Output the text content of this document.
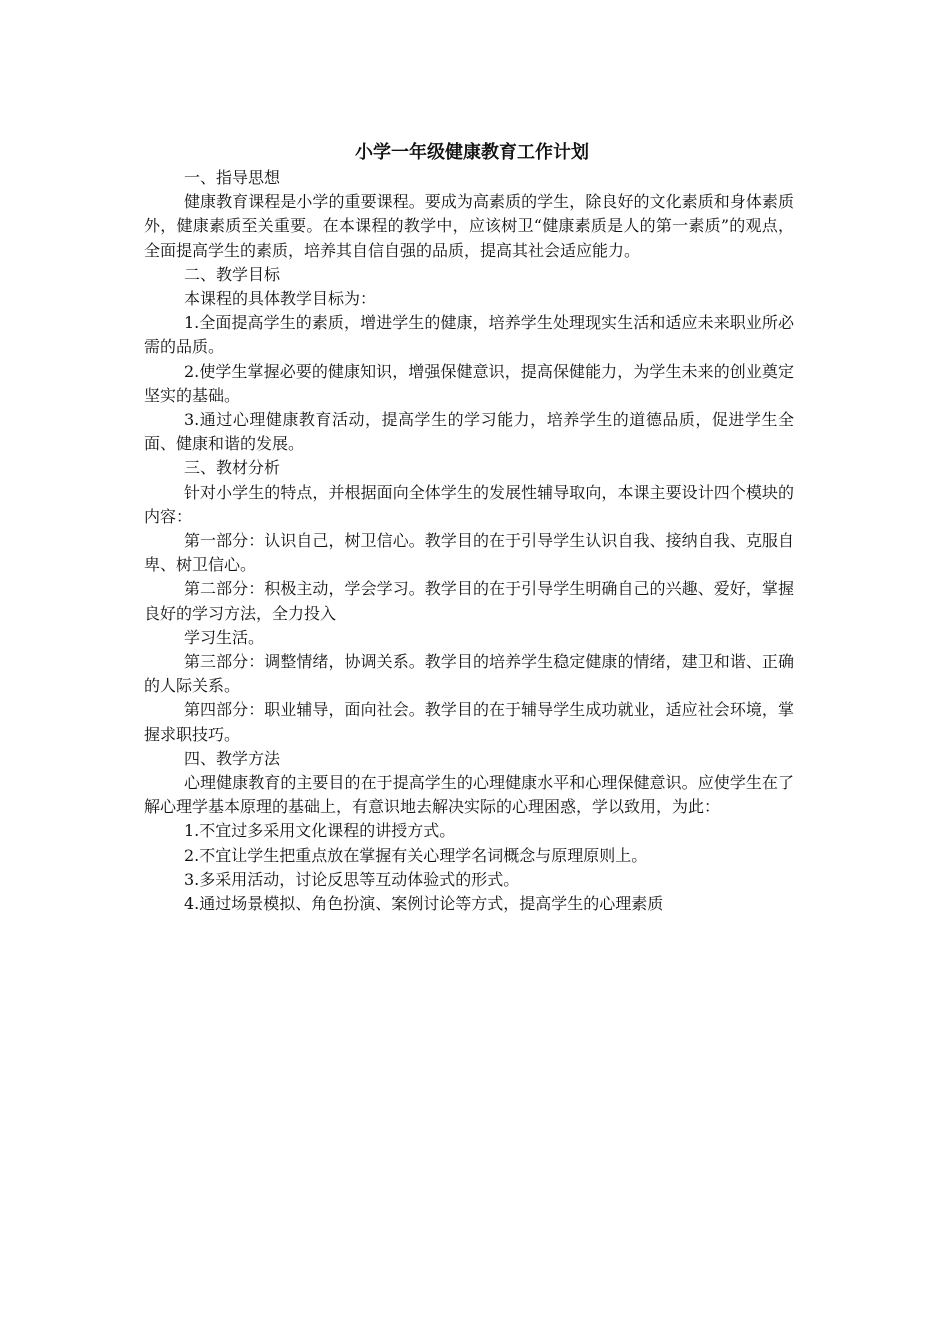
小学一年级健康教育工作计划

一、指导思想

健康教育课程是小学的重要课程。要成为高素质的学生，除良好的文化素质和身体素质外，健康素质至关重要。在本课程的教学中，应该树卫“健康素质是人的第一素质”的观点，全面提高学生的素质，培养其自信自强的品质，提高其社会适应能力。

二、教学目标

本课程的具体教学目标为：

1.全面提高学生的素质，增进学生的健康，培养学生处理现实生活和适应未来职业所必需的品质。

2.使学生掌握必要的健康知识，增强保健意识，提高保健能力，为学生未来的创业奠定坚实的基础。

3.通过心理健康教育活动，提高学生的学习能力，培养学生的道德品质，促进学生全面、健康和谐的发展。

三、教材分析

针对小学生的特点，并根据面向全体学生的发展性辅导取向，本课主要设计四个模块的内容：

第一部分：认识自己，树卫信心。教学目的在于引导学生认识自我、接纳自我、克服自卑、树卫信心。

第二部分：积极主动，学会学习。教学目的在于引导学生明确自己的兴趣、爱好，掌握良好的学习方法，全力投入

学习生活。

第三部分：调整情绪，协调关系。教学目的培养学生稳定健康的情绪，建卫和谐、正确的人际关系。

第四部分：职业辅导，面向社会。教学目的在于辅导学生成功就业，适应社会环境，掌握求职技巧。

四、教学方法

心理健康教育的主要目的在于提高学生的心理健康水平和心理保健意识。应使学生在了解心理学基本原理的基础上，有意识地去解决实际的心理困惑，学以致用，为此：

1.不宜过多采用文化课程的讲授方式。

2.不宜让学生把重点放在掌握有关心理学名词概念与原理原则上。

3.多采用活动，讨论反思等互动体验式的形式。

4.通过场景模拟、角色扮演、案例讨论等方式，提高学生的心理素质
